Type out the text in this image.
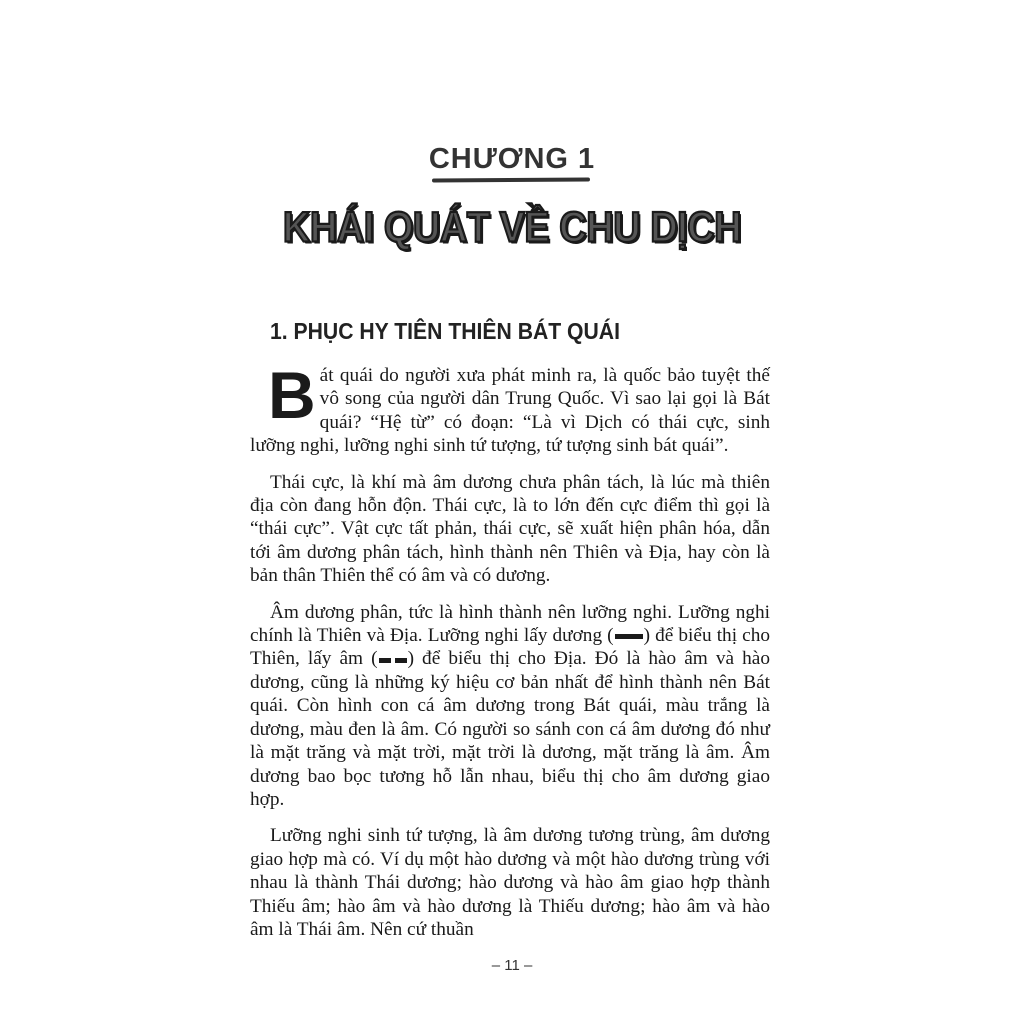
CHƯƠNG 1
KHÁI QUÁT VỀ CHU DỊCH
1. PHỤC HY TIÊN THIÊN BÁT QUÁI

Bát quái do người xưa phát minh ra, là quốc bảo tuyệt thế vô song của người dân Trung Quốc. Vì sao lại gọi là Bát quái? “Hệ từ” có đoạn: “Là vì Dịch có thái cực, sinh lưỡng nghi, lưỡng nghi sinh tứ tượng, tứ tượng sinh bát quái”.

Thái cực, là khí mà âm dương chưa phân tách, là lúc mà thiên địa còn đang hỗn độn. Thái cực, là to lớn đến cực điểm thì gọi là “thái cực”. Vật cực tất phản, thái cực, sẽ xuất hiện phân hóa, dẫn tới âm dương phân tách, hình thành nên Thiên và Địa, hay còn là bản thân Thiên thể có âm và có dương.

Âm dương phân, tức là hình thành nên lưỡng nghi. Lưỡng nghi chính là Thiên và Địa. Lưỡng nghi lấy dương ( ) để biểu thị cho Thiên, lấy âm ( ) để biểu thị cho Địa. Đó là hào âm và hào dương, cũng là những ký hiệu cơ bản nhất để hình thành nên Bát quái. Còn hình con cá âm dương trong Bát quái, màu trắng là dương, màu đen là âm. Có người so sánh con cá âm dương đó như là mặt trăng và mặt trời, mặt trời là dương, mặt trăng là âm. Âm dương bao bọc tương hỗ lẫn nhau, biểu thị cho âm dương giao hợp.

Lưỡng nghi sinh tứ tượng, là âm dương tương trùng, âm dương giao hợp mà có. Ví dụ một hào dương và một hào dương trùng với nhau là thành Thái dương; hào dương và hào âm giao hợp thành Thiếu âm; hào âm và hào dương là Thiếu dương; hào âm và hào âm là Thái âm. Nên cứ thuần

– 11 –
